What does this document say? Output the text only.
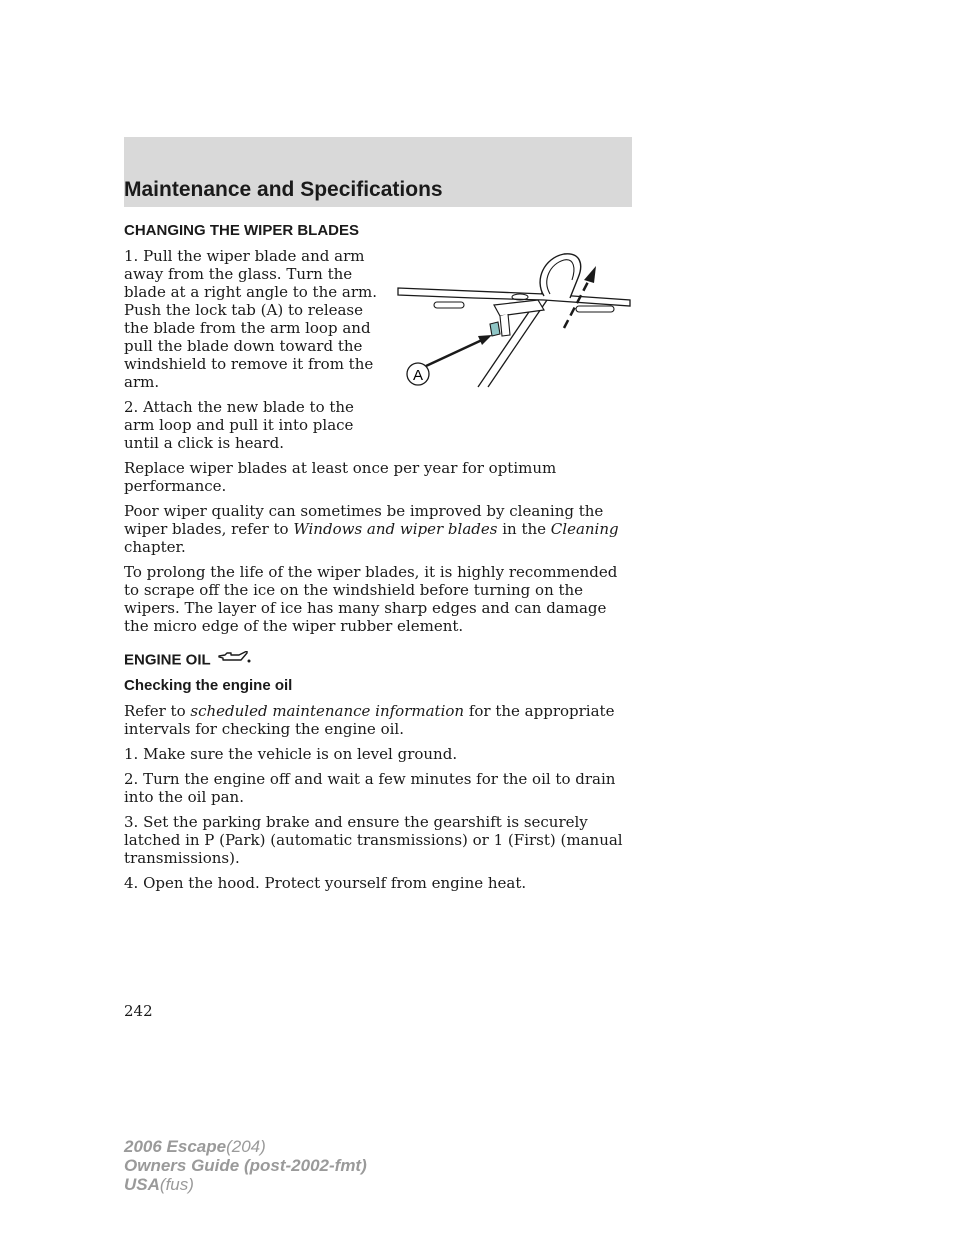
Maintenance and Specifications
CHANGING THE WIPER BLADES

1. Pull the wiper blade and arm away from the glass. Turn the blade at a right angle to the arm. Push the lock tab (A) to release the blade from the arm loop and pull the blade down toward the windshield to remove it from the arm.

2. Attach the new blade to the arm loop and pull it into place until a click is heard.

Replace wiper blades at least once per year for optimum performance.

Poor wiper quality can sometimes be improved by cleaning the wiper blades, refer to Windows and wiper blades in the Cleaning chapter.

To prolong the life of the wiper blades, it is highly recommended to scrape off the ice on the windshield before turning on the wipers. The layer of ice has many sharp edges and can damage the micro edge of the wiper rubber element.

ENGINE OIL
Checking the engine oil

Refer to scheduled maintenance information for the appropriate intervals for checking the engine oil.

1. Make sure the vehicle is on level ground.

2. Turn the engine off and wait a few minutes for the oil to drain into the oil pan.

3. Set the parking brake and ensure the gearshift is securely latched in P (Park) (automatic transmissions) or 1 (First) (manual transmissions).

4. Open the hood. Protect yourself from engine heat.

A
242
2006 Escape(204)
Owners Guide (post-2002-fmt)
USA(fus)
